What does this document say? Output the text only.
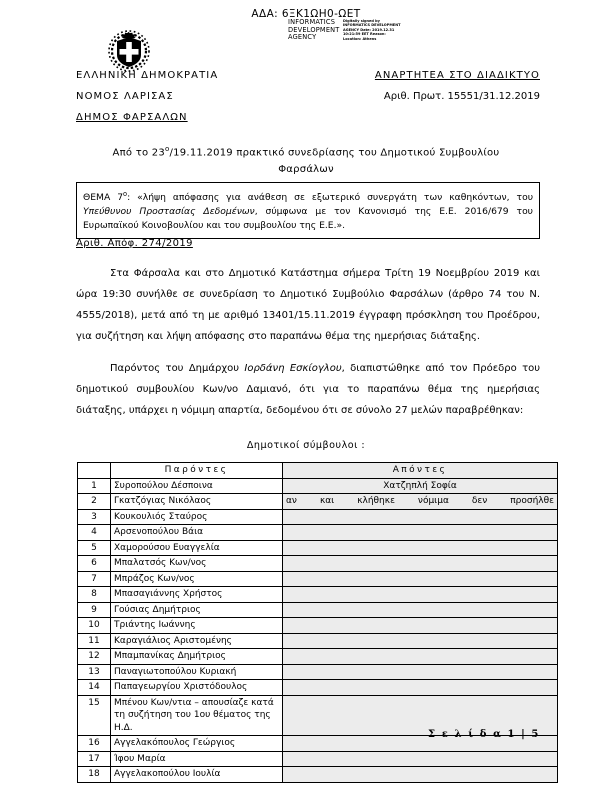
ΑΔΑ: 6ΞΚ1ΩΗ0-ΩΕΤ
INFORMATICS DEVELOPMENT AGENCY
Digitally signed by INFORMATICS DEVELOPMENT AGENCY Date: 2019.12.31 10:21:59 EET Reason: Location: Athens
ΕΛΛΗΝΙΚΗ ΔΗΜΟΚΡΑΤΙΑ	ΑΝΑΡΤΗΤΕΑ ΣΤΟ ΔΙΑΔΙΚΤΥΟ
ΝΟΜΟΣ ΛΑΡΙΣΑΣ	Αριθ. Πρωτ. 15551/31.12.2019
ΔΗΜΟΣ ΦΑΡΣΑΛΩΝ
Από το $23^o/19.11.2019$ πρακτικό συνεδρίασης του Δημοτικού Συμβουλίου Φαρσάλων
ΘΕΜΑ $7^o$: «λήψη απόφασης για ανάθεση σε εξωτερικό συνεργάτη των καθηκόντων, του Υπεύθυνου Προστασίας Δεδομένων, σύμφωνα με τον Κανονισμό της Ε.Ε. 2016/679 του Ευρωπαϊκού Κοινοβουλίου και του συμβουλίου της Ε.Ε.».
Αριθ. Απόφ. 274/2019
Στα Φάρσαλα και στο Δημοτικό Κατάστημα σήμερα Τρίτη 19 Νοεμβρίου 2019 και ώρα 19:30 συνήλθε σε συνεδρίαση το Δημοτικό Συμβούλιο Φαρσάλων (άρθρο 74 του Ν. 4555/2018), μετά από τη με αριθμό 13401/15.11.2019 έγγραφη πρόσκληση του Προέδρου, για συζήτηση και λήψη απόφασης στο παραπάνω θέμα της ημερήσιας διάταξης.
Παρόντος του Δημάρχου Ιορδάνη Εσκίογλου, διαπιστώθηκε από τον Πρόεδρο του δημοτικού συμβουλίου Κων/νο Δαμιανό, ότι για το παραπάνω θέμα της ημερήσιας διάταξης, υπάρχει η νόμιμη απαρτία, δεδομένου ότι σε σύνολο 27 μελών παραβρέθηκαν:
Δημοτικοί σύμβουλοι :
	Παρόντες	Απόντες
1	Συροπούλου Δέσποινα	Χατζηπλή Σοφία
2	Γκατζόγιας Νικόλαος	αν και κλήθηκε νόμιμα δεν προσήλθε

3	Κουκουλιός Σταύρος	
4	Αρσενοπούλου Βάια	
5	Χαμορούσου Ευαγγελία	
6	Μπαλατσός Κων/νος	
7	Μπράζος Κων/νος	
8	Μπασαγιάννης Χρήστος	
9	Γούσιας Δημήτριος	
10	Τριάντης Ιωάννης	
11	Καραγιάλιος Αριστομένης	
12	Μπαμπανίκας Δημήτριος	
13	Παναγιωτοπούλου Κυριακή	
14	Παπαγεωργίου Χριστόδουλος	
15	Μπένου Κων/ντια – απουσίαζε κατά τη συζήτηση του 1ου θέματος της Η.Δ.	
16	Αγγελακόπουλος Γεώργιος	
17	Ίφου Μαρία	
18	Αγγελακοπούλου Ιουλία	
Σ ε λ ί δ α 1 | 5
